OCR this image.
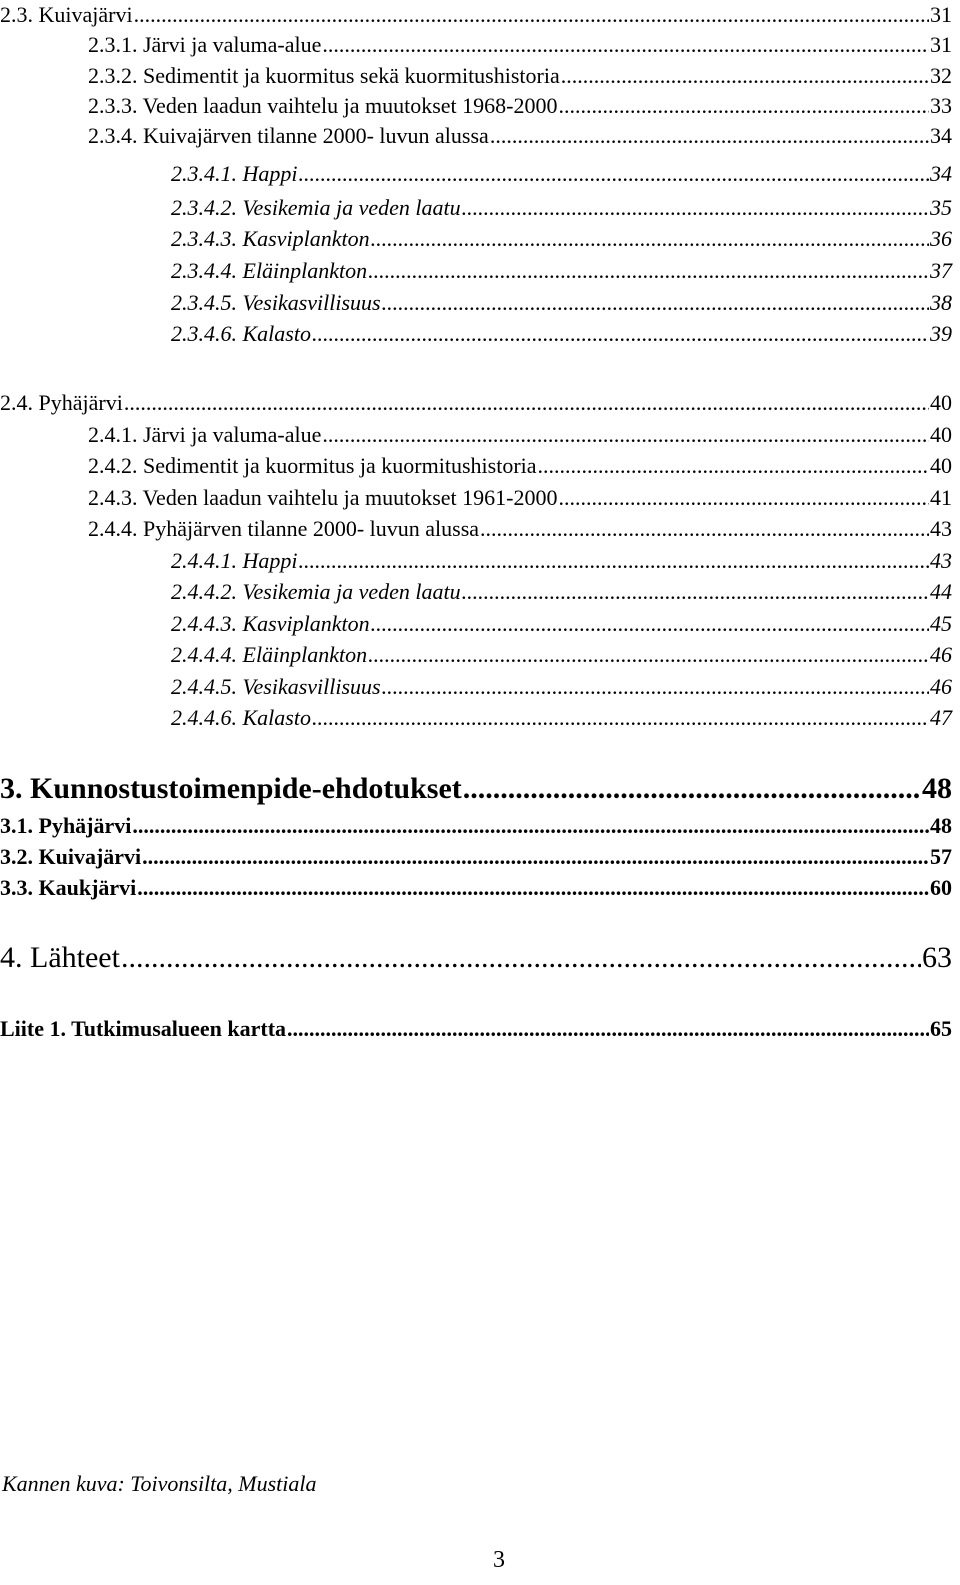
2.3. Kuivajärvi .....	31
2.3.1. Järvi ja valuma-alue .....	31
2.3.2. Sedimentit ja kuormitus sekä kuormitushistoria .....	32
2.3.3. Veden laadun vaihtelu ja muutokset 1968-2000 .....	33
2.3.4. Kuivajärven tilanne 2000- luvun alussa .....	34
2.3.4.1. Happi .....	34
2.3.4.2. Vesikemia ja veden laatu .....	35
2.3.4.3. Kasviplankton .....	36
2.3.4.4. Eläinplankton .....	37
2.3.4.5. Vesikasvillisuus .....	38
2.3.4.6. Kalasto .....	39
2.4. Pyhäjärvi .....	40
2.4.1. Järvi ja valuma-alue .....	40
2.4.2. Sedimentit ja kuormitus ja kuormitushistoria .....	40
2.4.3. Veden laadun vaihtelu ja muutokset 1961-2000 .....	41
2.4.4. Pyhäjärven tilanne 2000- luvun alussa .....	43
2.4.4.1. Happi .....	43
2.4.4.2. Vesikemia ja veden laatu .....	44
2.4.4.3. Kasviplankton .....	45
2.4.4.4. Eläinplankton .....	46
2.4.4.5. Vesikasvillisuus .....	46
2.4.4.6. Kalasto .....	47
3. Kunnostustoimenpide-ehdotukset .....	48
3.1. Pyhäjärvi .....	48
3.2. Kuivajärvi .....	57
3.3. Kaukjärvi .....	60
4. Lähteet .....	63
Liite 1. Tutkimusalueen kartta .....	65
Kannen kuva: Toivonsilta, Mustiala
3
